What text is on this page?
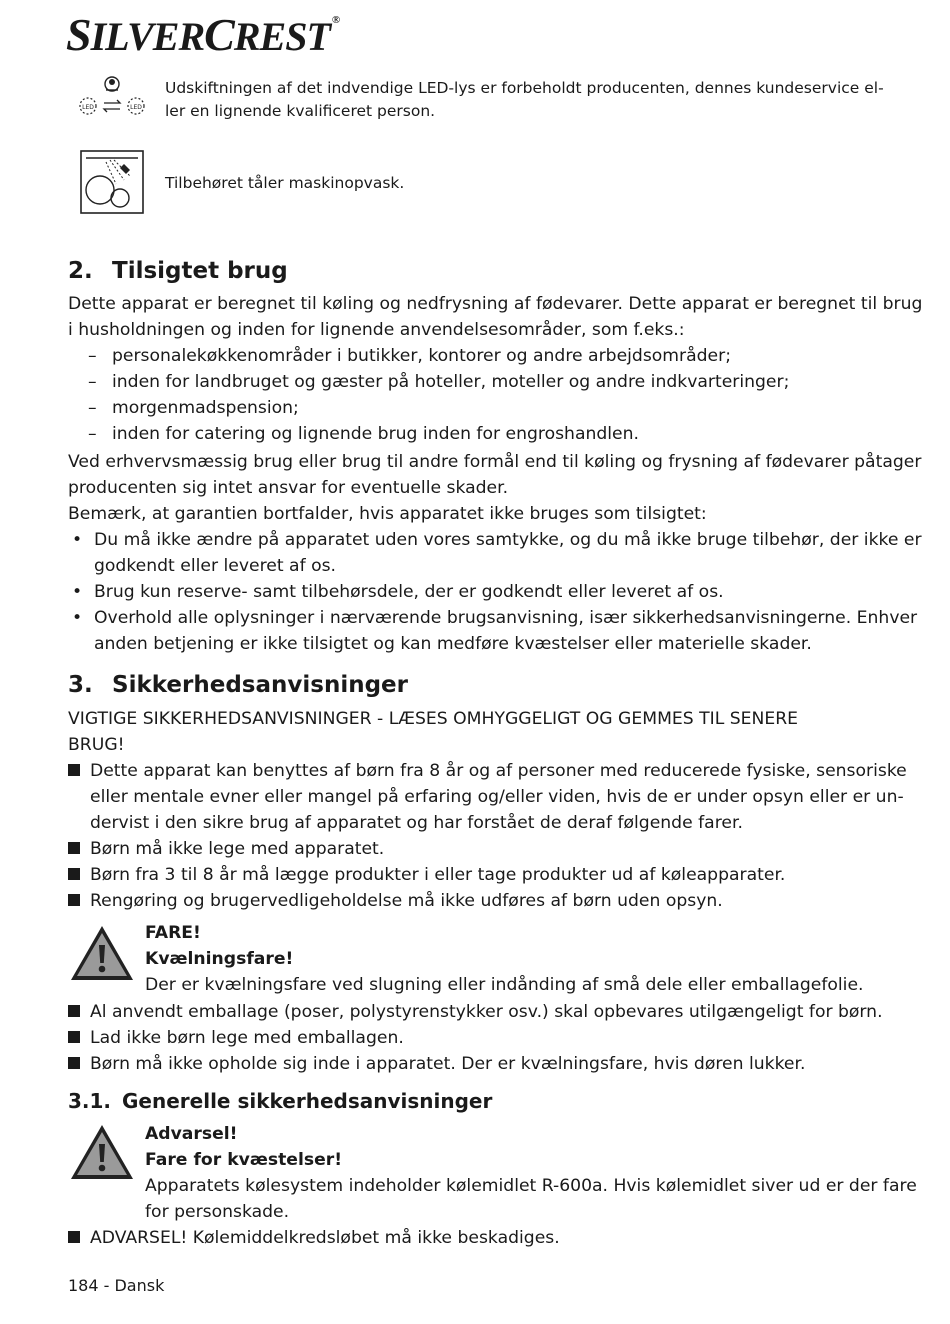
SILVERCREST ®
LED	LED
Udskiftningen af det indvendige LED-lys er forbeholdt producenten, dennes kundeservice el-
ler en lignende kvalificeret person.
Tilbehøret tåler maskinopvask.
2. Tilsigtet brug
Dette apparat er beregnet til køling og nedfrysning af fødevarer. Dette apparat er beregnet til brug
i husholdningen og inden for lignende anvendelsesområder, som f.eks.:
– personalekøkkenområder i butikker, kontorer og andre arbejdsområder;
– inden for landbruget og gæster på hoteller, moteller og andre indkvarteringer;
– morgenmadspension;
– inden for catering og lignende brug inden for engroshandlen.
Ved erhvervsmæssig brug eller brug til andre formål end til køling og frysning af fødevarer påtager
producenten sig intet ansvar for eventuelle skader.
Bemærk, at garantien bortfalder, hvis apparatet ikke bruges som tilsigtet:
• Du må ikke ændre på apparatet uden vores samtykke, og du må ikke bruge tilbehør, der ikke er
godkendt eller leveret af os.
• Brug kun reserve- samt tilbehørsdele, der er godkendt eller leveret af os.
• Overhold alle oplysninger i nærværende brugsanvisning, især sikkerhedsanvisningerne. Enhver
anden betjening er ikke tilsigtet og kan medføre kvæstelser eller materielle skader.
3. Sikkerhedsanvisninger
VIGTIGE SIKKERHEDSANVISNINGER - LÆSES OMHYGGELIGT OG GEMMES TIL SENERE
BRUG!
Dette apparat kan benyttes af børn fra 8 år og af personer med reducerede fysiske, sensoriske
eller mentale evner eller mangel på erfaring og/eller viden, hvis de er under opsyn eller er un-
dervist i den sikre brug af apparatet og har forstået de deraf følgende farer.
Børn må ikke lege med apparatet.
Børn fra 3 til 8 år må lægge produkter i eller tage produkter ud af køleapparater.
Rengøring og brugervedligeholdelse må ikke udføres af børn uden opsyn.
FARE!
Kvælningsfare!
Der er kvælningsfare ved slugning eller indånding af små dele eller emballagefolie.
Al anvendt emballage (poser, polystyrenstykker osv.) skal opbevares utilgængeligt for børn.
Lad ikke børn lege med emballagen.
Børn må ikke opholde sig inde i apparatet. Der er kvælningsfare, hvis døren lukker.
3.1. Generelle sikkerhedsanvisninger
Advarsel!
Fare for kvæstelser!
Apparatets kølesystem indeholder kølemidlet R-600a. Hvis kølemidlet siver ud er der fare
for personskade.
ADVARSEL! Kølemiddelkredsløbet må ikke beskadiges.
184 - Dansk
